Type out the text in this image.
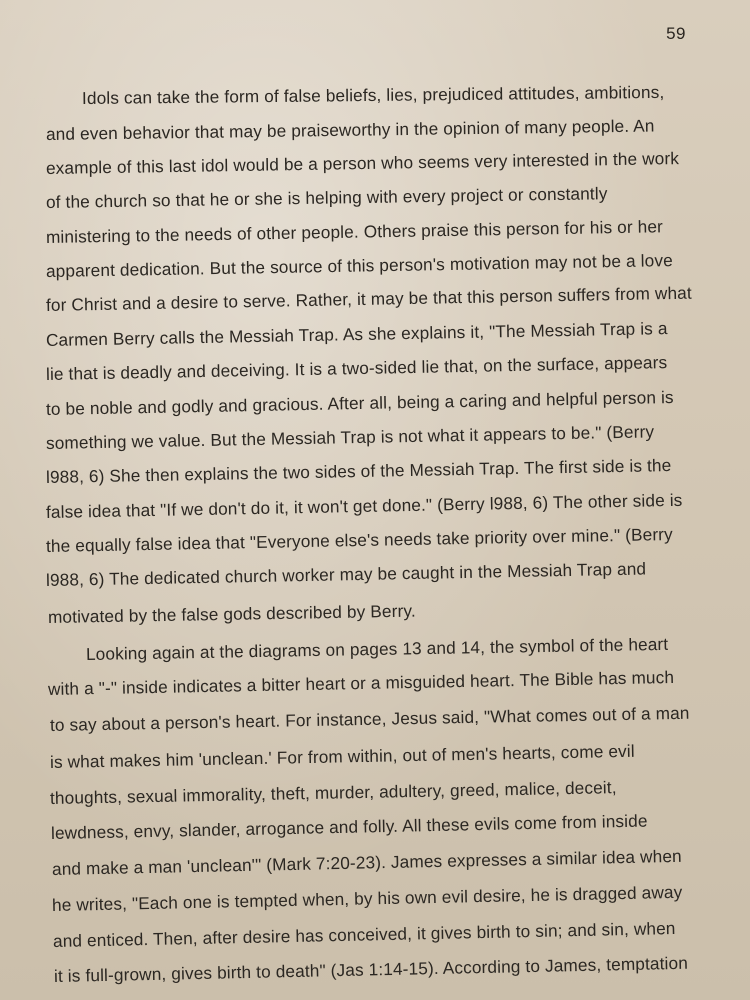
59
Idols can take the form of false beliefs, lies, prejudiced attitudes, ambitions,
and even behavior that may be praiseworthy in the opinion of many people. An
example of this last idol would be a person who seems very interested in the work
of the church so that he or she is helping with every project or constantly
ministering to the needs of other people. Others praise this person for his or her
apparent dedication. But the source of this person's motivation may not be a love
for Christ and a desire to serve. Rather, it may be that this person suffers from what
Carmen Berry calls the Messiah Trap. As she explains it, "The Messiah Trap is a
lie that is deadly and deceiving. It is a two-sided lie that, on the surface, appears
to be noble and godly and gracious. After all, being a caring and helpful person is
something we value. But the Messiah Trap is not what it appears to be." (Berry
l988, 6) She then explains the two sides of the Messiah Trap. The first side is the
false idea that "If we don't do it, it won't get done." (Berry l988, 6) The other side is
the equally false idea that "Everyone else's needs take priority over mine." (Berry
l988, 6) The dedicated church worker may be caught in the Messiah Trap and
motivated by the false gods described by Berry.
Looking again at the diagrams on pages 13 and 14, the symbol of the heart
with a "-" inside indicates a bitter heart or a misguided heart. The Bible has much
to say about a person's heart. For instance, Jesus said, "What comes out of a man
is what makes him 'unclean.' For from within, out of men's hearts, come evil
thoughts, sexual immorality, theft, murder, adultery, greed, malice, deceit,
lewdness, envy, slander, arrogance and folly. All these evils come from inside
and make a man 'unclean'" (Mark 7:20-23). James expresses a similar idea when
he writes, "Each one is tempted when, by his own evil desire, he is dragged away
and enticed. Then, after desire has conceived, it gives birth to sin; and sin, when
it is full-grown, gives birth to death" (Jas 1:14-15). According to James, temptation
